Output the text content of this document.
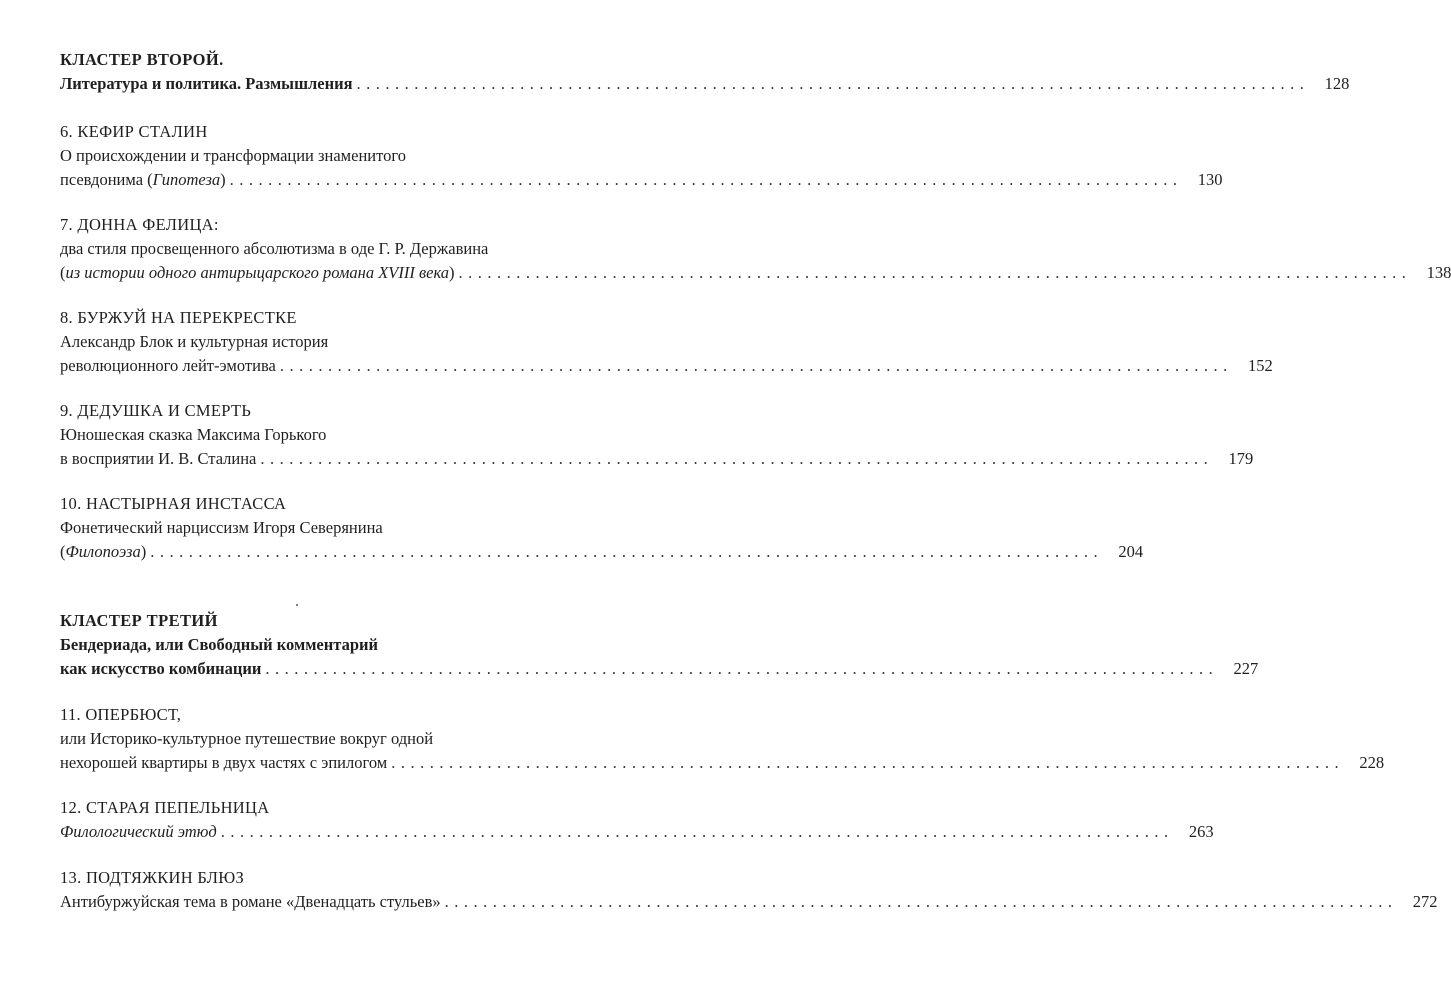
КЛАСТЕР ВТОРОЙ.
Литература и политика. Размышления ................................................................................................... 128
6. КЕФИР СТАЛИН
О происхождении и трансформации знаменитого
псевдонима (Гипотеза) ................................................................................................... 130
7. ДОННА ФЕЛИЦА:
два стиля просвещенного абсолютизма в оде Г. Р. Державина
(из истории одного антирыцарского романа XVIII века) ................................................................................................... 138
8. БУРЖУЙ НА ПЕРЕКРЕСТКЕ
Александр Блок и культурная история
революционного лейт-эмотива ................................................................................................... 152
9. ДЕДУШКА И СМЕРТЬ
Юношеская сказка Максима Горького
в восприятии И. В. Сталина ................................................................................................... 179
10. НАСТЫРНАЯ ИНСТАССА
Фонетический нарциссизм Игоря Северянина
(Филопоэза) ................................................................................................... 204
КЛАСТЕР ТРЕТИЙ
Бендериада, или Свободный комментарий
как искусство комбинации ................................................................................................... 227
11. ОПЕРБЮСТ,
или Историко-культурное путешествие вокруг одной
нехорошей квартиры в двух частях с эпилогом ................................................................................................... 228
12. СТАРАЯ ПЕПЕЛЬНИЦА
Филологический этюд ................................................................................................... 263
13. ПОДТЯЖКИН БЛЮЗ
Антибуржуйская тема в романе «Двенадцать стульев» ................................................................................................... 272
